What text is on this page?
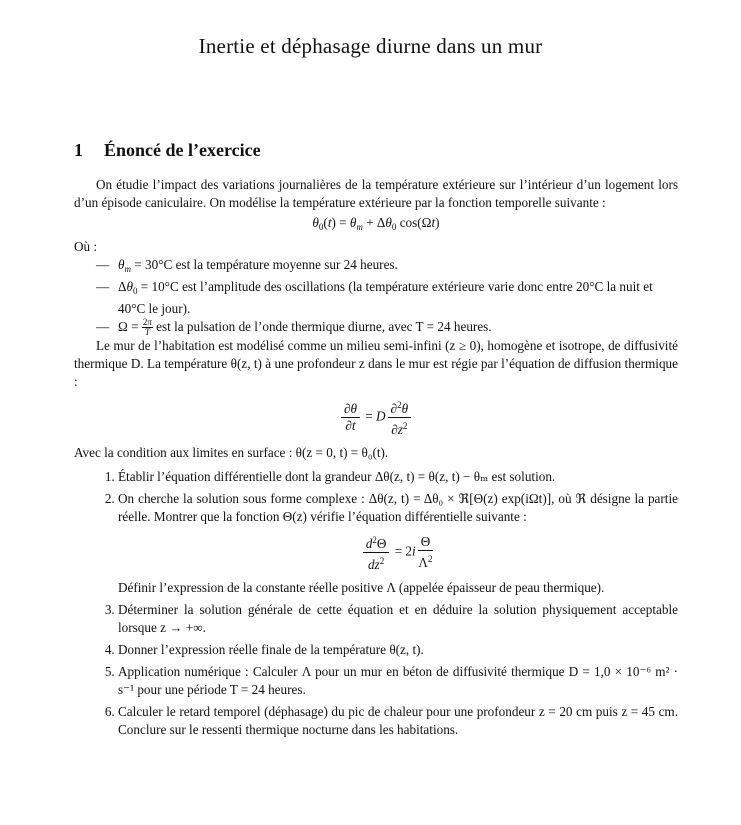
Inertie et déphasage diurne dans un mur
1 Énoncé de l’exercice

On étudie l’impact des variations journalières de la température extérieure sur l’intérieur d’un logement lors d’un épisode caniculaire. On modélise la température extérieure par la fonction temporelle suivante :

$\theta_0(t) = \theta_m + \Delta\theta_0$ cos(Ωt)

Où :

— $\theta_m = 30^\circ C$ est la température moyenne sur 24 heures.
— $\Delta\theta_0 = 10^\circ C$ est l’amplitude des oscillations (la température extérieure varie donc entre 20°C la nuit et 40°C le jour).
— $\Omega = \frac{2\pi}{T}$ est la pulsation de l’onde thermique diurne, avec T = 24 heures.

Le mur de l’habitation est modélisé comme un milieu semi-infini (z ≥ 0), homogène et isotrope, de diffusivité thermique D. La température θ(z, t) à une profondeur z dans le mur est régie par l’équation de diffusion thermique :

$\frac{\partial\theta}{\partial t} = D \frac{\partial^2\theta}{\partial z^2}$

Avec la condition aux limites en surface : θ(z = 0, t) = θ₀(t).

1. Établir l’équation différentielle dont la grandeur Δθ(z, t) = θ(z, t) − θₘ est solution.
2. On cherche la solution sous forme complexe : Δθ(z, t) = Δθ₀ × ℜ[Θ(z) exp(iΩt)], où ℜ désigne la partie réelle. Montrer que la fonction Θ(z) vérifie l’équation différentielle suivante :
$\frac{d^2\Theta}{dz^2} = 2i \frac{\Theta}{\Lambda^2}$
Définir l’expression de la constante réelle positive Λ (appelée épaisseur de peau thermique).
3. Déterminer la solution générale de cette équation et en déduire la solution physiquement acceptable lorsque z → +∞.
4. Donner l’expression réelle finale de la température θ(z, t).
5. Application numérique : Calculer Λ pour un mur en béton de diffusivité thermique D = 1,0 × 10⁻⁶ m² · s⁻¹ pour une période T = 24 heures.
6. Calculer le retard temporel (déphasage) du pic de chaleur pour une profondeur z = 20 cm puis z = 45 cm. Conclure sur le ressenti thermique nocturne dans les habitations.
